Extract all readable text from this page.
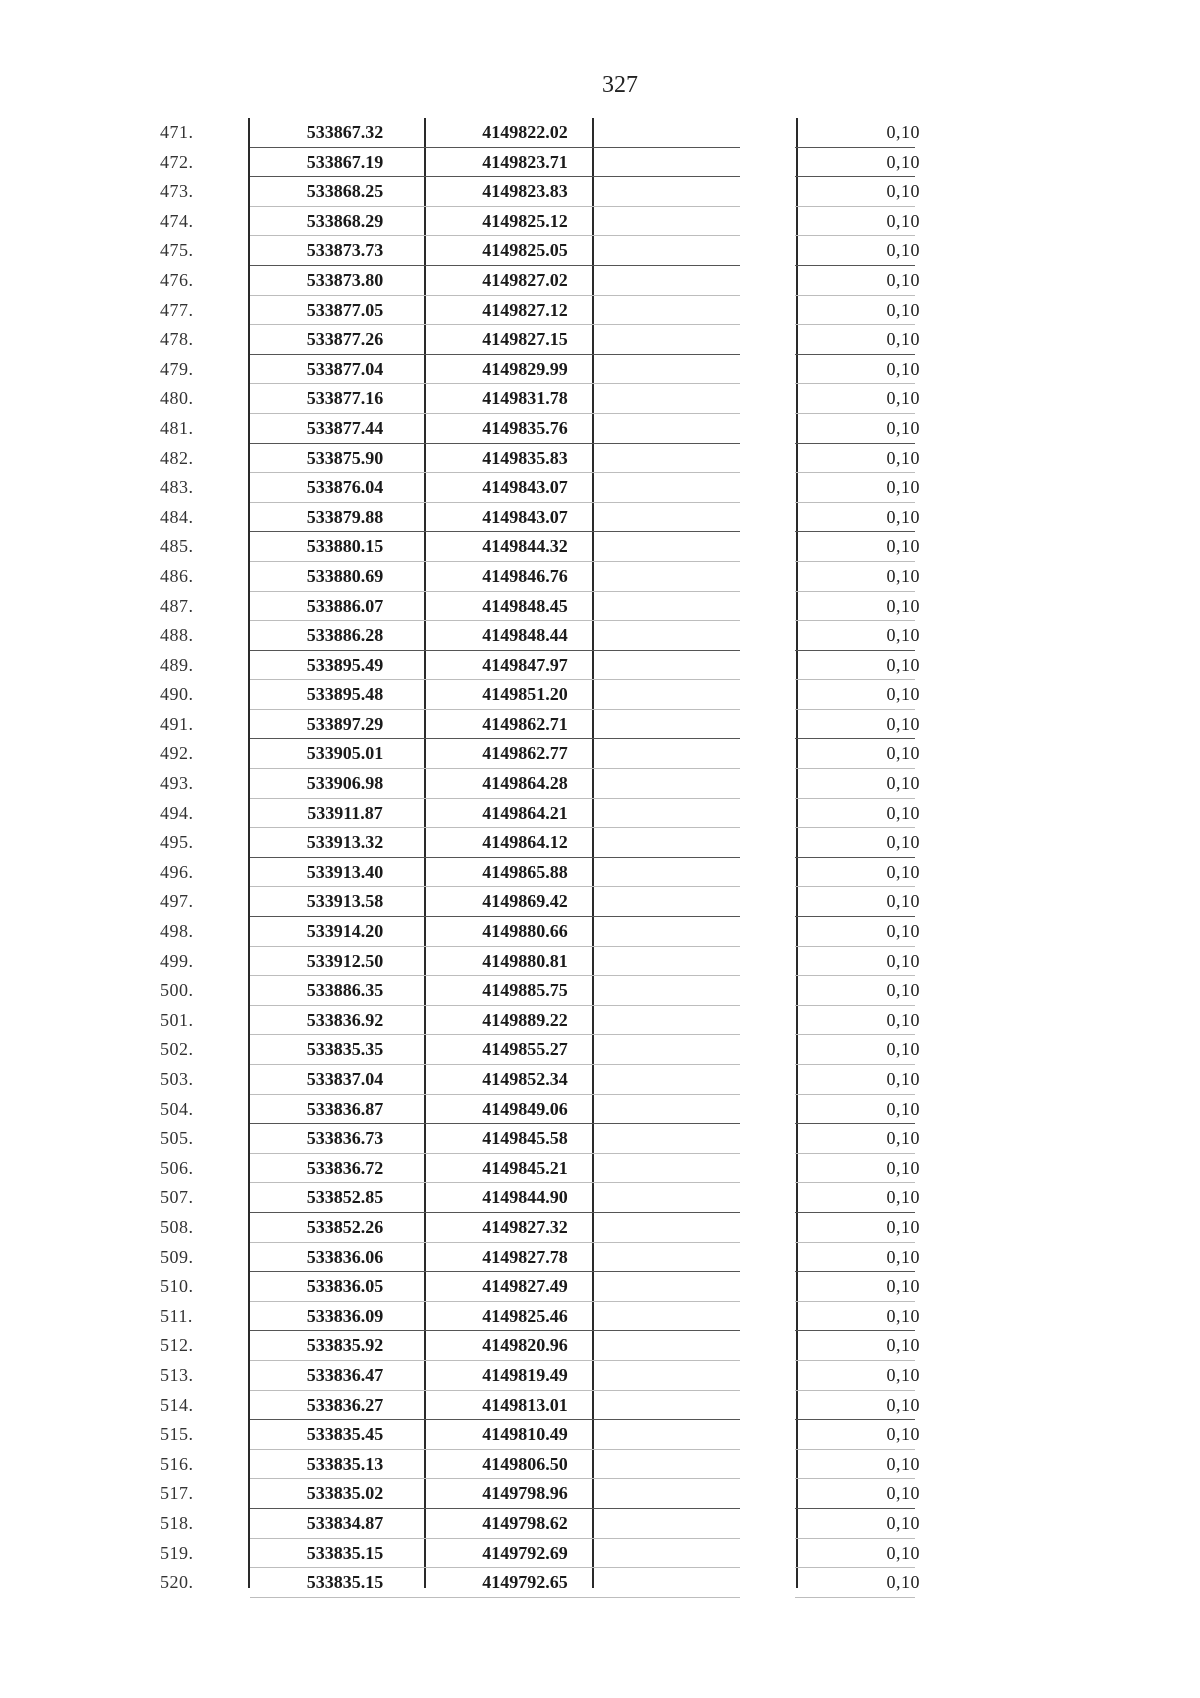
327
471.	533867.32	4149822.02	0,10
472.	533867.19	4149823.71	0,10
473.	533868.25	4149823.83	0,10
474.	533868.29	4149825.12	0,10
475.	533873.73	4149825.05	0,10
476.	533873.80	4149827.02	0,10
477.	533877.05	4149827.12	0,10
478.	533877.26	4149827.15	0,10
479.	533877.04	4149829.99	0,10
480.	533877.16	4149831.78	0,10
481.	533877.44	4149835.76	0,10
482.	533875.90	4149835.83	0,10
483.	533876.04	4149843.07	0,10
484.	533879.88	4149843.07	0,10
485.	533880.15	4149844.32	0,10
486.	533880.69	4149846.76	0,10
487.	533886.07	4149848.45	0,10
488.	533886.28	4149848.44	0,10
489.	533895.49	4149847.97	0,10
490.	533895.48	4149851.20	0,10
491.	533897.29	4149862.71	0,10
492.	533905.01	4149862.77	0,10
493.	533906.98	4149864.28	0,10
494.	533911.87	4149864.21	0,10
495.	533913.32	4149864.12	0,10
496.	533913.40	4149865.88	0,10
497.	533913.58	4149869.42	0,10
498.	533914.20	4149880.66	0,10
499.	533912.50	4149880.81	0,10
500.	533886.35	4149885.75	0,10
501.	533836.92	4149889.22	0,10
502.	533835.35	4149855.27	0,10
503.	533837.04	4149852.34	0,10
504.	533836.87	4149849.06	0,10
505.	533836.73	4149845.58	0,10
506.	533836.72	4149845.21	0,10
507.	533852.85	4149844.90	0,10
508.	533852.26	4149827.32	0,10
509.	533836.06	4149827.78	0,10
510.	533836.05	4149827.49	0,10
511.	533836.09	4149825.46	0,10
512.	533835.92	4149820.96	0,10
513.	533836.47	4149819.49	0,10
514.	533836.27	4149813.01	0,10
515.	533835.45	4149810.49	0,10
516.	533835.13	4149806.50	0,10
517.	533835.02	4149798.96	0,10
518.	533834.87	4149798.62	0,10
519.	533835.15	4149792.69	0,10
520.	533835.15	4149792.65	0,10
